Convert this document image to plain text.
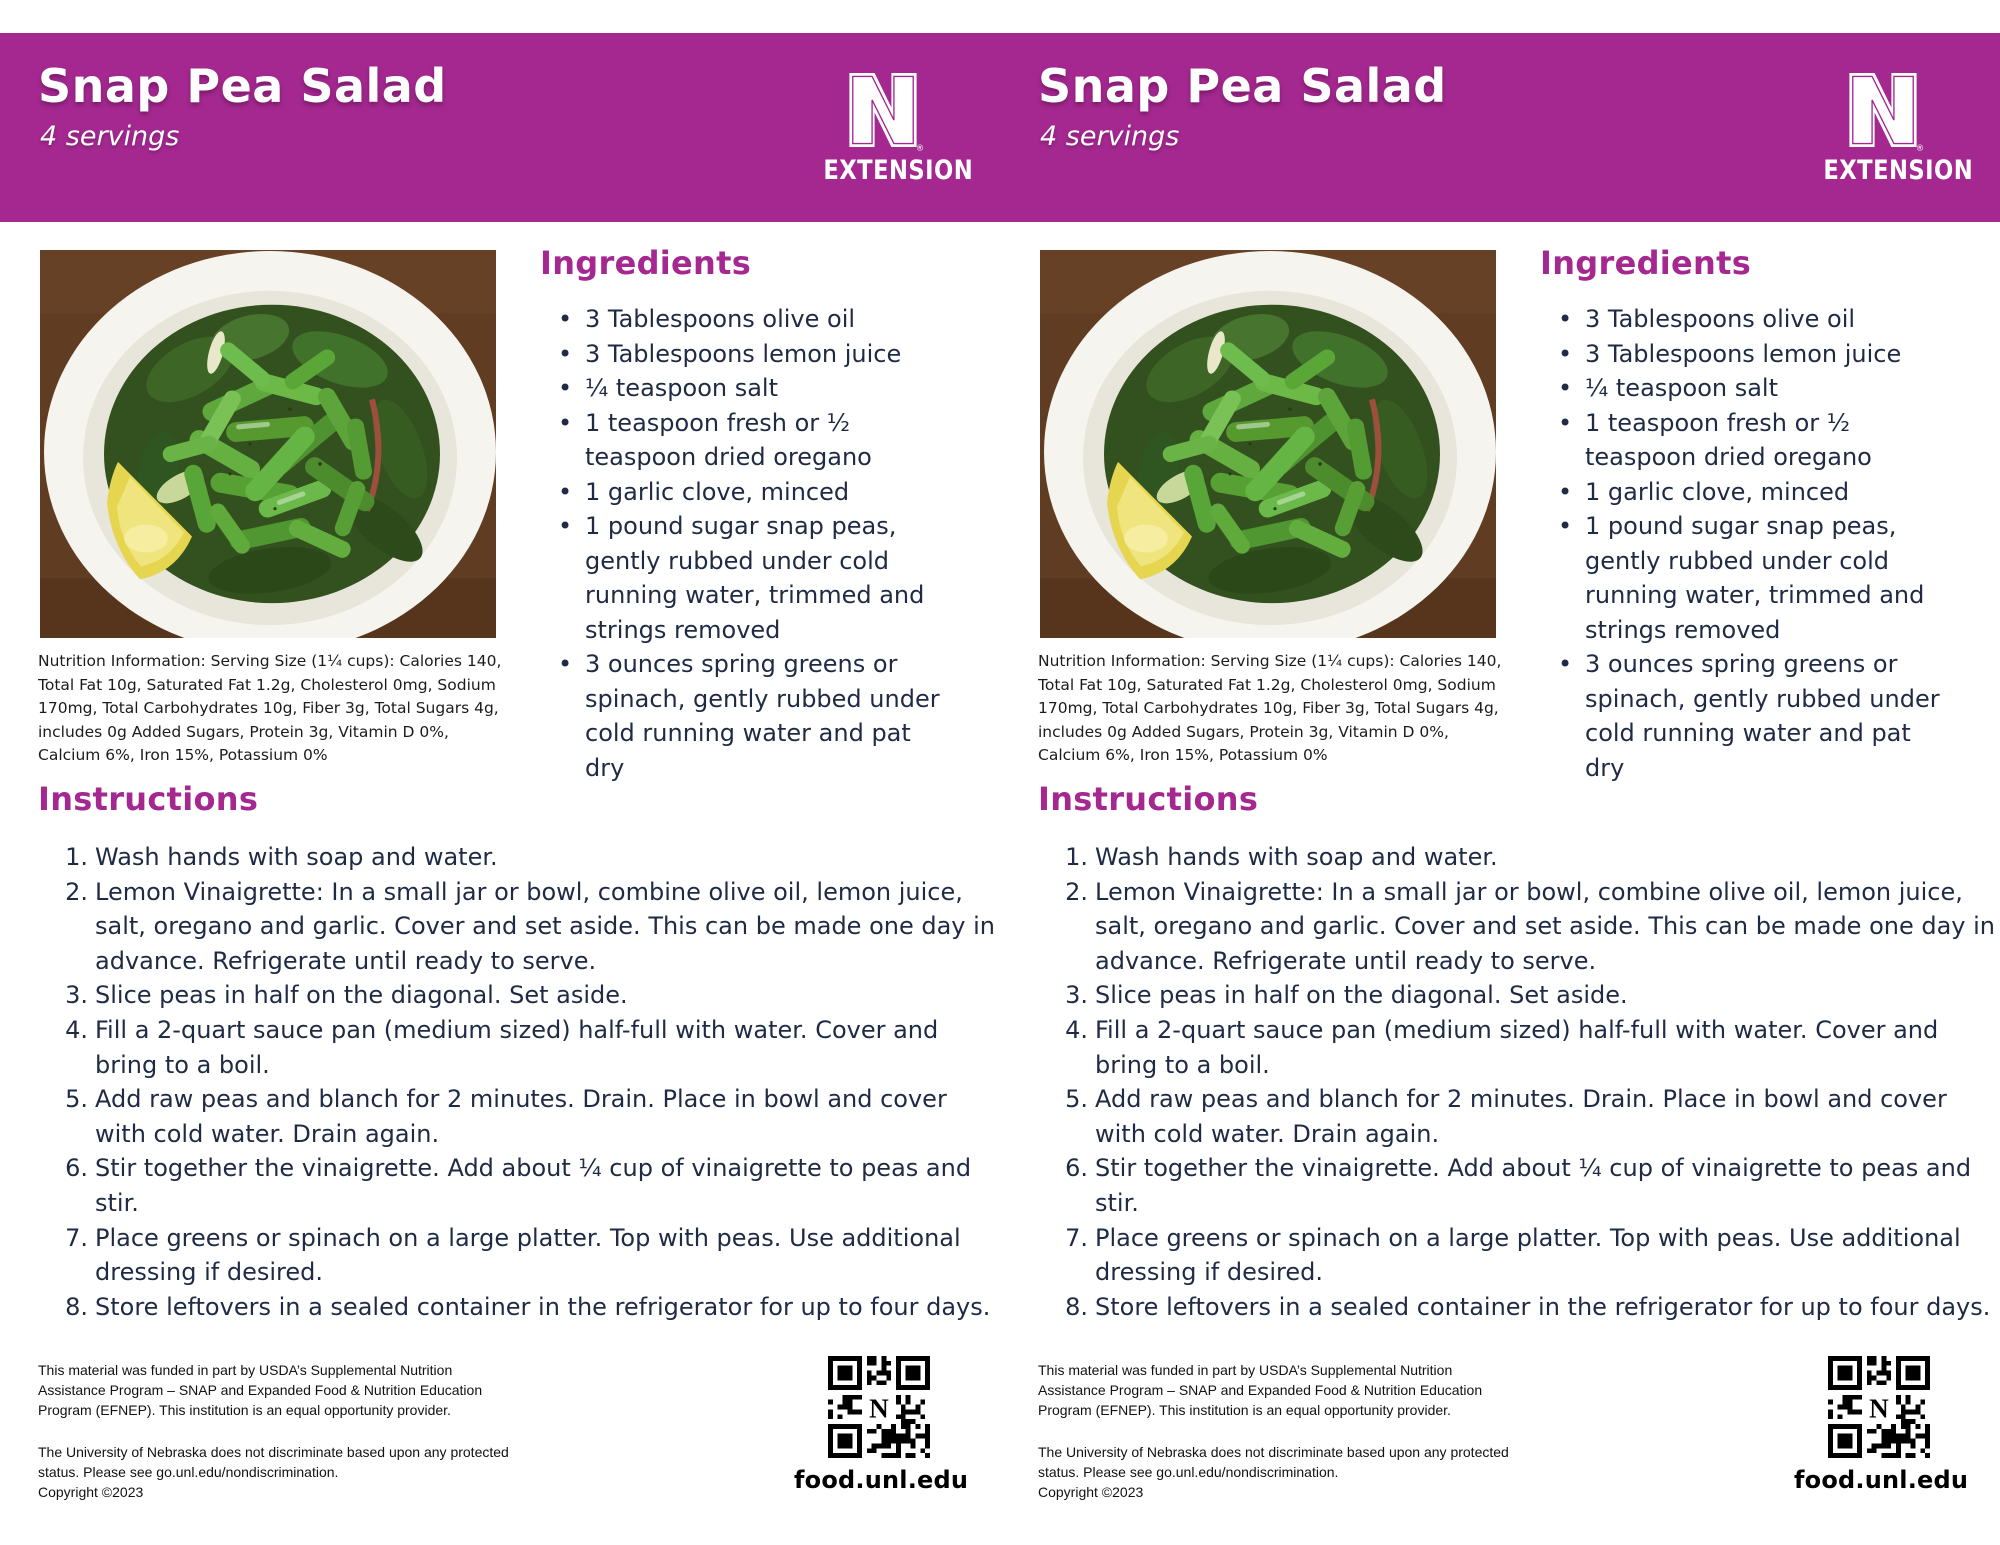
Snap Pea Salad
4 servings	®
EXTENSION
Nutrition Information: Serving Size (1¼ cups): Calories 140, Total Fat 10g, Saturated Fat 1.2g, Cholesterol 0mg, Sodium 170mg, Total Carbohydrates 10g, Fiber 3g, Total Sugars 4g, includes 0g Added Sugars, Protein 3g, Vitamin D 0%, Calcium 6%, Iron 15%, Potassium 0%
Ingredients
• 3 Tablespoons olive oil
• 3 Tablespoons lemon juice
• ¼ teaspoon salt
• 1 teaspoon fresh or ½ teaspoon dried oregano
• 1 garlic clove, minced
• 1 pound sugar snap peas, gently rubbed under cold running water, trimmed and strings removed
• 3 ounces spring greens or spinach, gently rubbed under cold running water and pat dry
Instructions
Wash hands with soap and water.
Lemon Vinaigrette: In a small jar or bowl, combine olive oil, lemon juice, salt, oregano and garlic. Cover and set aside. This can be made one day in advance. Refrigerate until ready to serve.
Slice peas in half on the diagonal. Set aside.
Fill a 2-quart sauce pan (medium sized) half-full with water. Cover and bring to a boil.
Add raw peas and blanch for 2 minutes. Drain. Place in bowl and cover with cold water. Drain again.
Stir together the vinaigrette. Add about ¼ cup of vinaigrette to peas and stir.
Place greens or spinach on a large platter. Top with peas. Use additional dressing if desired.
Store leftovers in a sealed container in the refrigerator for up to four days.

This material was funded in part by USDA’s Supplemental Nutrition Assistance Program – SNAP and Expanded Food & Nutrition Education Program (EFNEP). This institution is an equal opportunity provider.

The University of Nebraska does not discriminate based upon any protected status. Please see go.unl.edu/nondiscrimination.

Copyright ©2023

N
food.unl.edu
Snap Pea Salad
4 servings	®
EXTENSION
Nutrition Information: Serving Size (1¼ cups): Calories 140, Total Fat 10g, Saturated Fat 1.2g, Cholesterol 0mg, Sodium 170mg, Total Carbohydrates 10g, Fiber 3g, Total Sugars 4g, includes 0g Added Sugars, Protein 3g, Vitamin D 0%, Calcium 6%, Iron 15%, Potassium 0%
Ingredients
• 3 Tablespoons olive oil
• 3 Tablespoons lemon juice
• ¼ teaspoon salt
• 1 teaspoon fresh or ½ teaspoon dried oregano
• 1 garlic clove, minced
• 1 pound sugar snap peas, gently rubbed under cold running water, trimmed and strings removed
• 3 ounces spring greens or spinach, gently rubbed under cold running water and pat dry
Instructions
Wash hands with soap and water.
Lemon Vinaigrette: In a small jar or bowl, combine olive oil, lemon juice, salt, oregano and garlic. Cover and set aside. This can be made one day in advance. Refrigerate until ready to serve.
Slice peas in half on the diagonal. Set aside.
Fill a 2-quart sauce pan (medium sized) half-full with water. Cover and bring to a boil.
Add raw peas and blanch for 2 minutes. Drain. Place in bowl and cover with cold water. Drain again.
Stir together the vinaigrette. Add about ¼ cup of vinaigrette to peas and stir.
Place greens or spinach on a large platter. Top with peas. Use additional dressing if desired.
Store leftovers in a sealed container in the refrigerator for up to four days.

This material was funded in part by USDA’s Supplemental Nutrition Assistance Program – SNAP and Expanded Food & Nutrition Education Program (EFNEP). This institution is an equal opportunity provider.

The University of Nebraska does not discriminate based upon any protected status. Please see go.unl.edu/nondiscrimination.

Copyright ©2023

N
food.unl.edu
